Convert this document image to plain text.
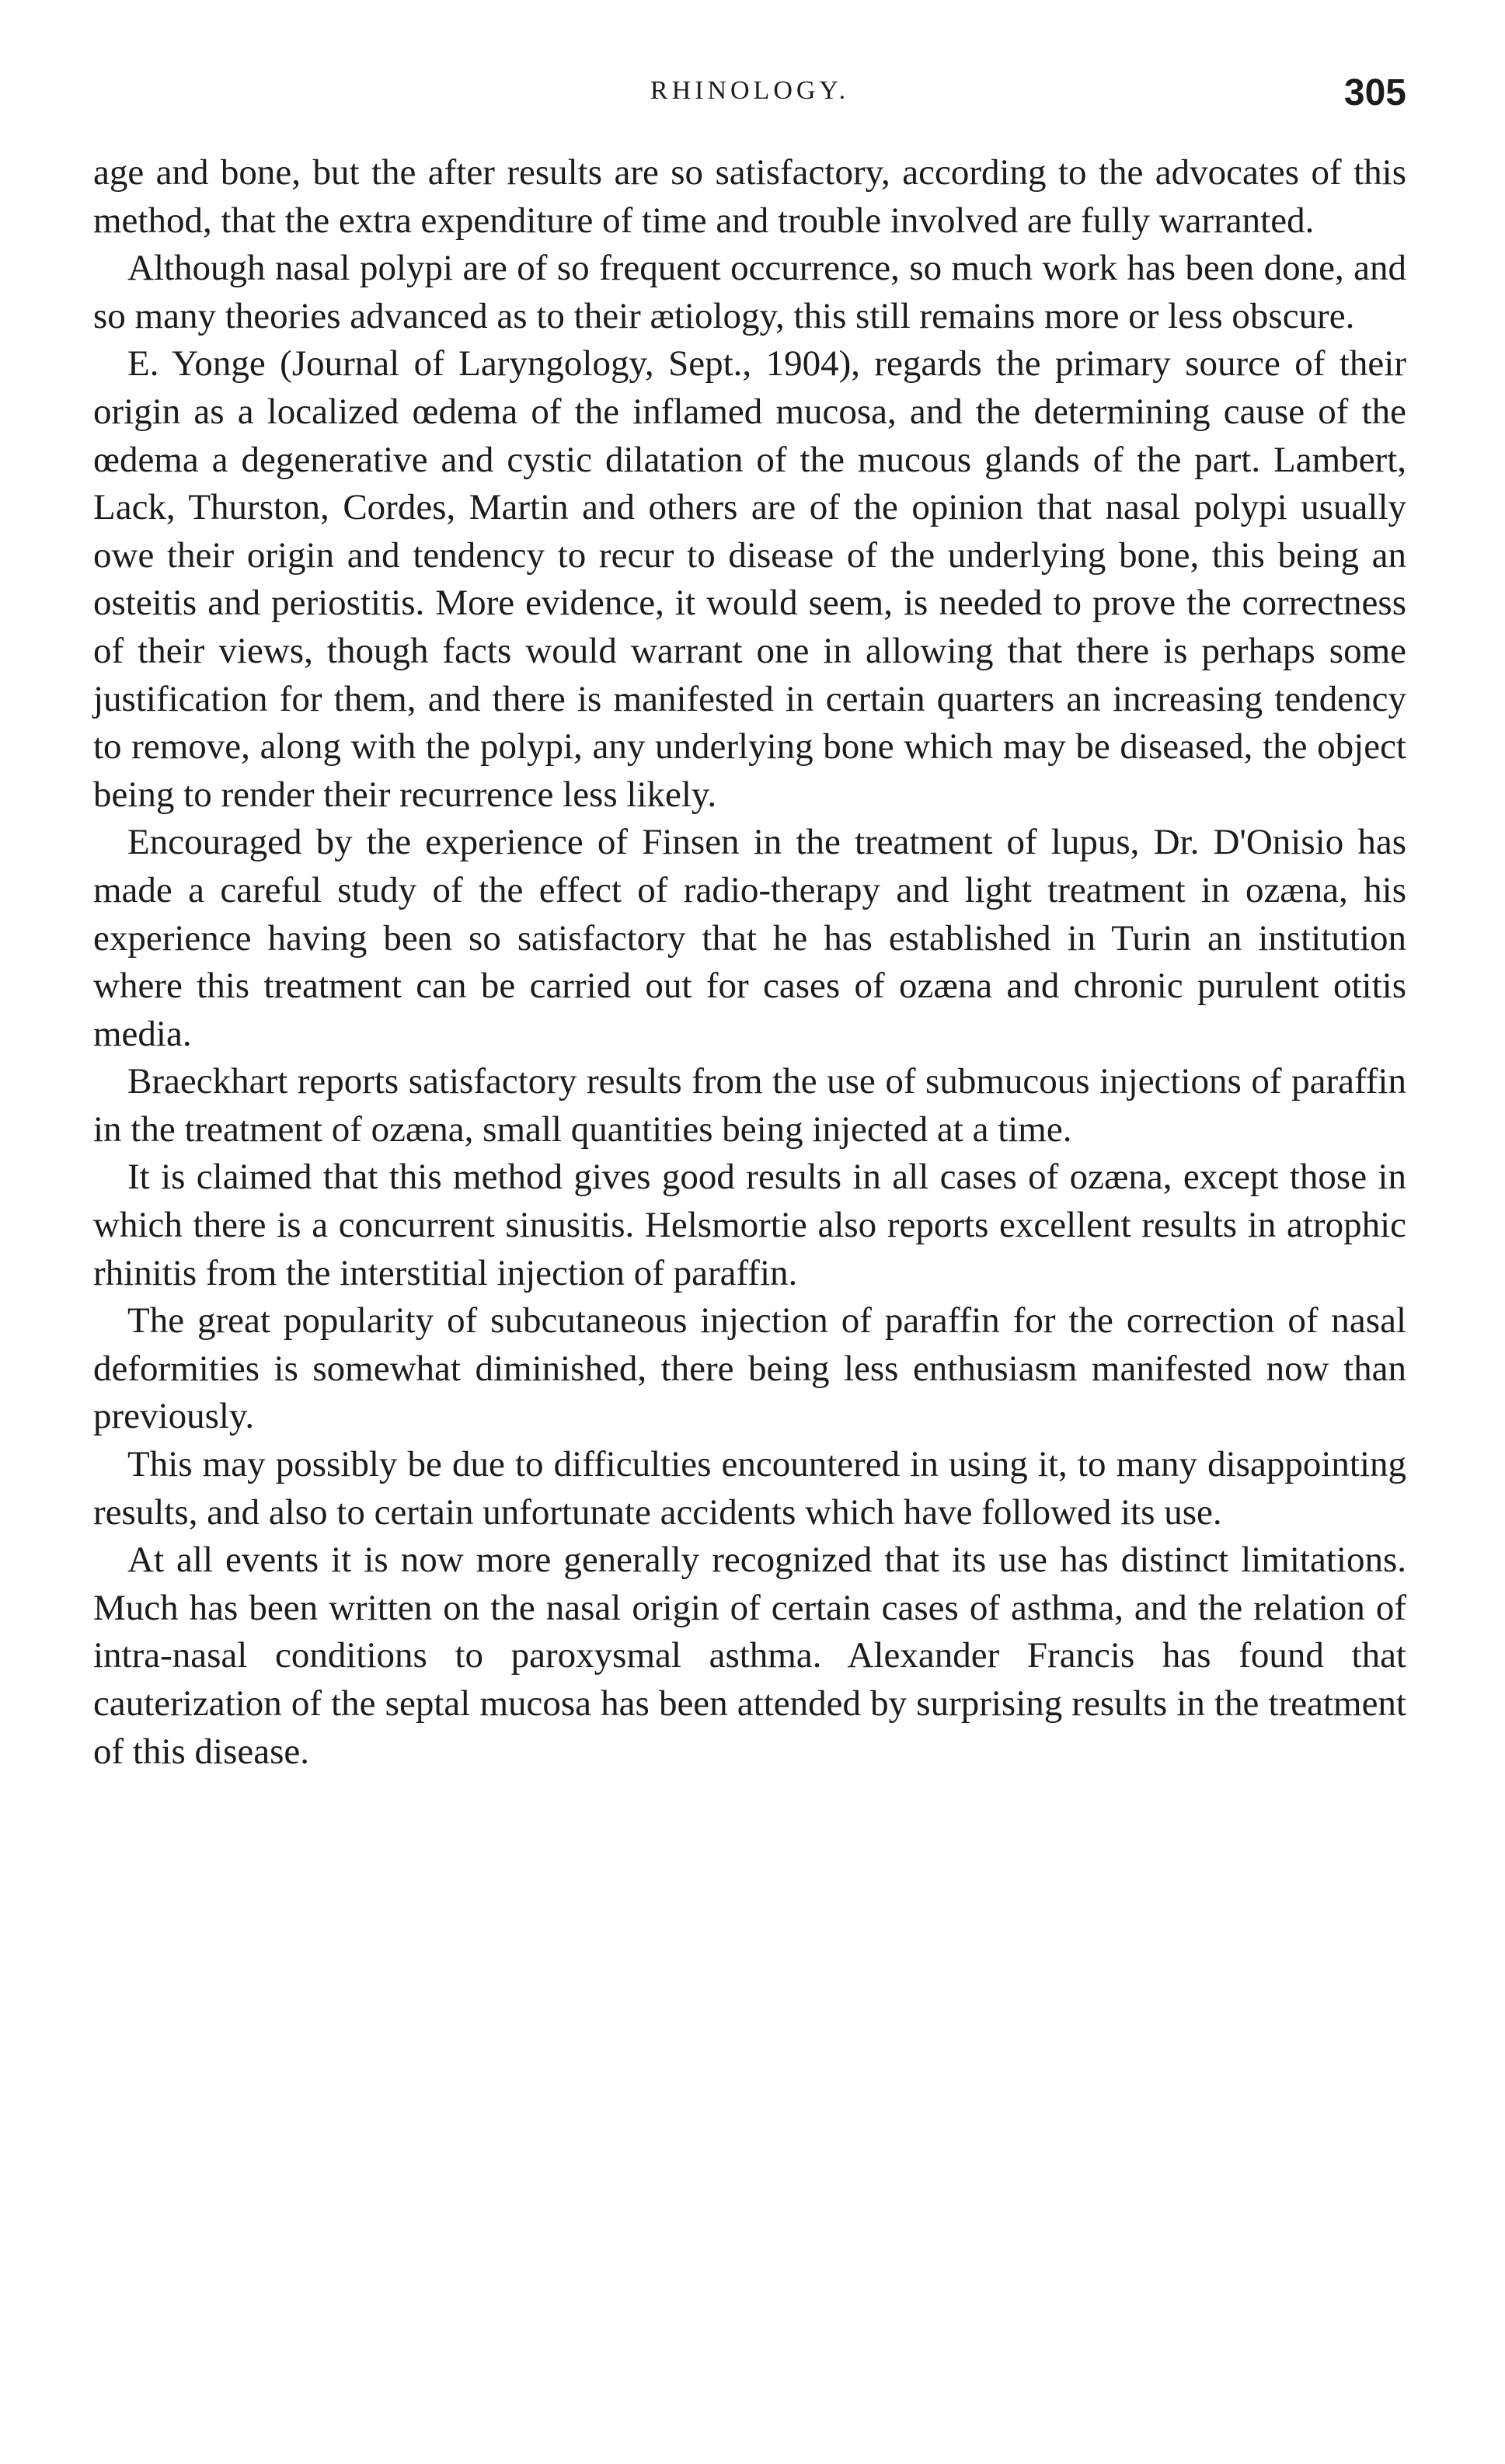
RHINOLOGY.	305

age and bone, but the after results are so satisfactory, according to the advocates of this method, that the extra expenditure of time and trouble involved are fully warranted.

Although nasal polypi are of so frequent occurrence, so much work has been done, and so many theories advanced as to their ætiology, this still remains more or less obscure.

E. Yonge (Journal of Laryngology, Sept., 1904), regards the primary source of their origin as a localized œdema of the inflamed mucosa, and the determining cause of the œdema a degenerative and cystic dilatation of the mucous glands of the part. Lambert, Lack, Thurston, Cordes, Martin and others are of the opinion that nasal polypi usually owe their origin and tendency to recur to disease of the underlying bone, this being an osteitis and periostitis. More evidence, it would seem, is needed to prove the correctness of their views, though facts would warrant one in allowing that there is perhaps some justification for them, and there is manifested in certain quarters an increasing tendency to remove, along with the polypi, any underlying bone which may be diseased, the object being to render their recurrence less likely.

Encouraged by the experience of Finsen in the treatment of lupus, Dr. D'Onisio has made a careful study of the effect of radio-therapy and light treatment in ozæna, his experience having been so satisfactory that he has established in Turin an institution where this treatment can be carried out for cases of ozæna and chronic purulent otitis media.

Braeckhart reports satisfactory results from the use of submucous injections of paraffin in the treatment of ozæna, small quantities being injected at a time.

It is claimed that this method gives good results in all cases of ozæna, except those in which there is a concurrent sinusitis. Helsmortie also reports excellent results in atrophic rhinitis from the interstitial injection of paraffin.

The great popularity of subcutaneous injection of paraffin for the correction of nasal deformities is somewhat diminished, there being less enthusiasm manifested now than previously.

This may possibly be due to difficulties encountered in using it, to many disappointing results, and also to certain unfortunate accidents which have followed its use.

At all events it is now more generally recognized that its use has distinct limitations. Much has been written on the nasal origin of certain cases of asthma, and the relation of intra-nasal conditions to paroxysmal asthma. Alexander Francis has found that cauterization of the septal mucosa has been attended by surprising results in the treatment of this disease.
